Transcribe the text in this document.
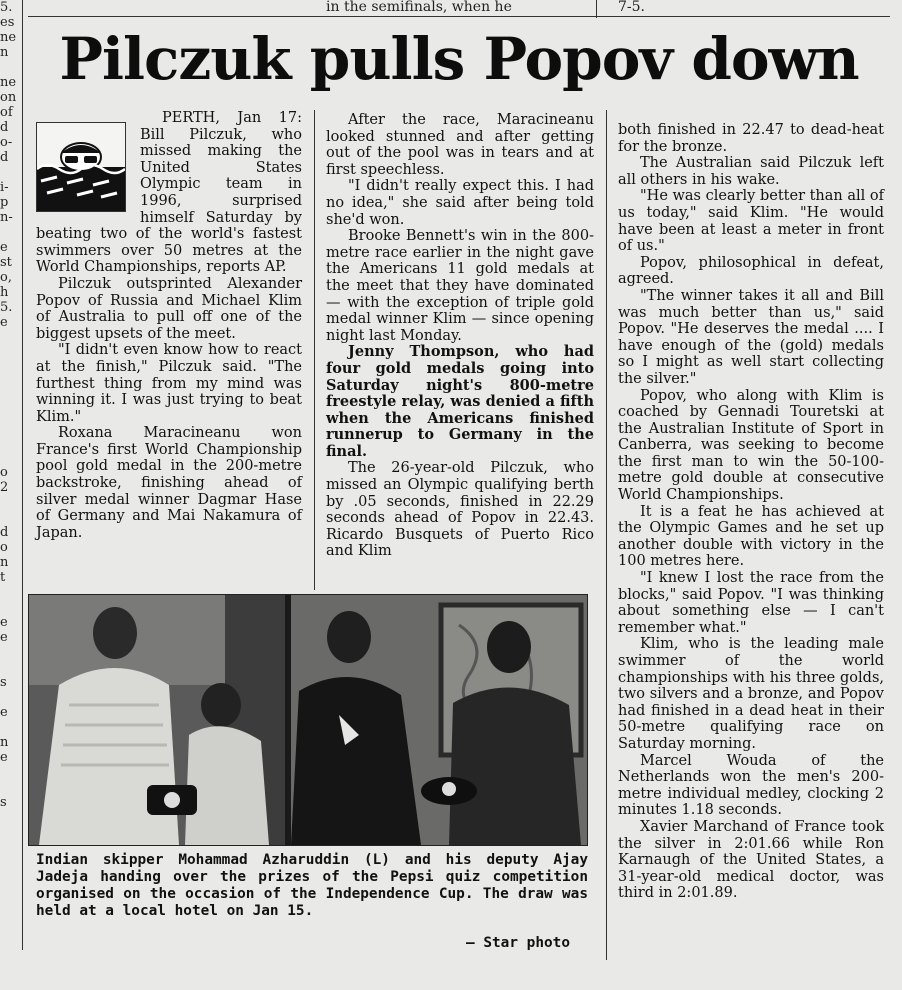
5.
es
ne
n
ne
on
of
d
o-
d
i-
p
n-
e
st
o,
h
5.
e
o
2
d
o
n
t
e
e
s
e
n
e
s
in the semifinals, when he	7-5.
Pilczuk pulls Popov down

PERTH, Jan 17: Bill Pilczuk, who missed making the United States Olympic team in 1996, surprised himself Saturday by beating two of the world's fastest swimmers over 50 metres at the World Championships, reports AP.

Pilczuk outsprinted Alexander Popov of Russia and Michael Klim of Australia to pull off one of the biggest upsets of the meet.

"I didn't even know how to react at the finish," Pilczuk said. "The furthest thing from my mind was winning it. I was just trying to beat Klim."

Roxana Maracineanu won France's first World Championship pool gold medal in the 200-metre backstroke, finishing ahead of silver medal winner Dagmar Hase of Germany and Mai Nakamura of Japan.

After the race, Maracineanu looked stunned and after getting out of the pool was in tears and at first speechless.

"I didn't really expect this. I had no idea," she said after being told she'd won.

Brooke Bennett's win in the 800-metre race earlier in the night gave the Americans 11 gold medals at the meet that they have dominated — with the exception of triple gold medal winner Klim — since opening night last Monday.

Jenny Thompson, who had four gold medals going into Saturday night's 800-metre freestyle relay, was denied a fifth when the Americans finished runnerup to Germany in the final.

The 26-year-old Pilczuk, who missed an Olympic qualifying berth by .05 seconds, finished in 22.29 seconds ahead of Popov in 22.43. Ricardo Busquets of Puerto Rico and Klim

both finished in 22.47 to dead-heat for the bronze.

The Australian said Pilczuk left all others in his wake.

"He was clearly better than all of us today," said Klim. "He would have been at least a meter in front of us."

Popov, philosophical in defeat, agreed.

"The winner takes it all and Bill was much better than us," said Popov. "He deserves the medal .... I have enough of the (gold) medals so I might as well start collecting the silver."

Popov, who along with Klim is coached by Gennadi Touretski at the Australian Institute of Sport in Canberra, was seeking to become the first man to win the 50-100-metre gold double at consecutive World Championships.

It is a feat he has achieved at the Olympic Games and he set up another double with victory in the 100 metres here.

"I knew I lost the race from the blocks," said Popov. "I was thinking about something else — I can't remember what."

Klim, who is the leading male swimmer of the world championships with his three golds, two silvers and a bronze, and Popov had finished in a dead heat in their 50-metre qualifying race on Saturday morning.

Marcel Wouda of the Netherlands won the men's 200-metre individual medley, clocking 2 minutes 1.18 seconds.

Xavier Marchand of France took the silver in 2:01.66 while Ron Karnaugh of the United States, a 31-year-old medical doctor, was third in 2:01.89.

Indian skipper Mohammad Azharuddin (L) and his deputy Ajay Jadeja handing over the prizes of the Pepsi quiz competition organised on the occasion of the Independence Cup. The draw was held at a local hotel on Jan 15.
— Star photo
